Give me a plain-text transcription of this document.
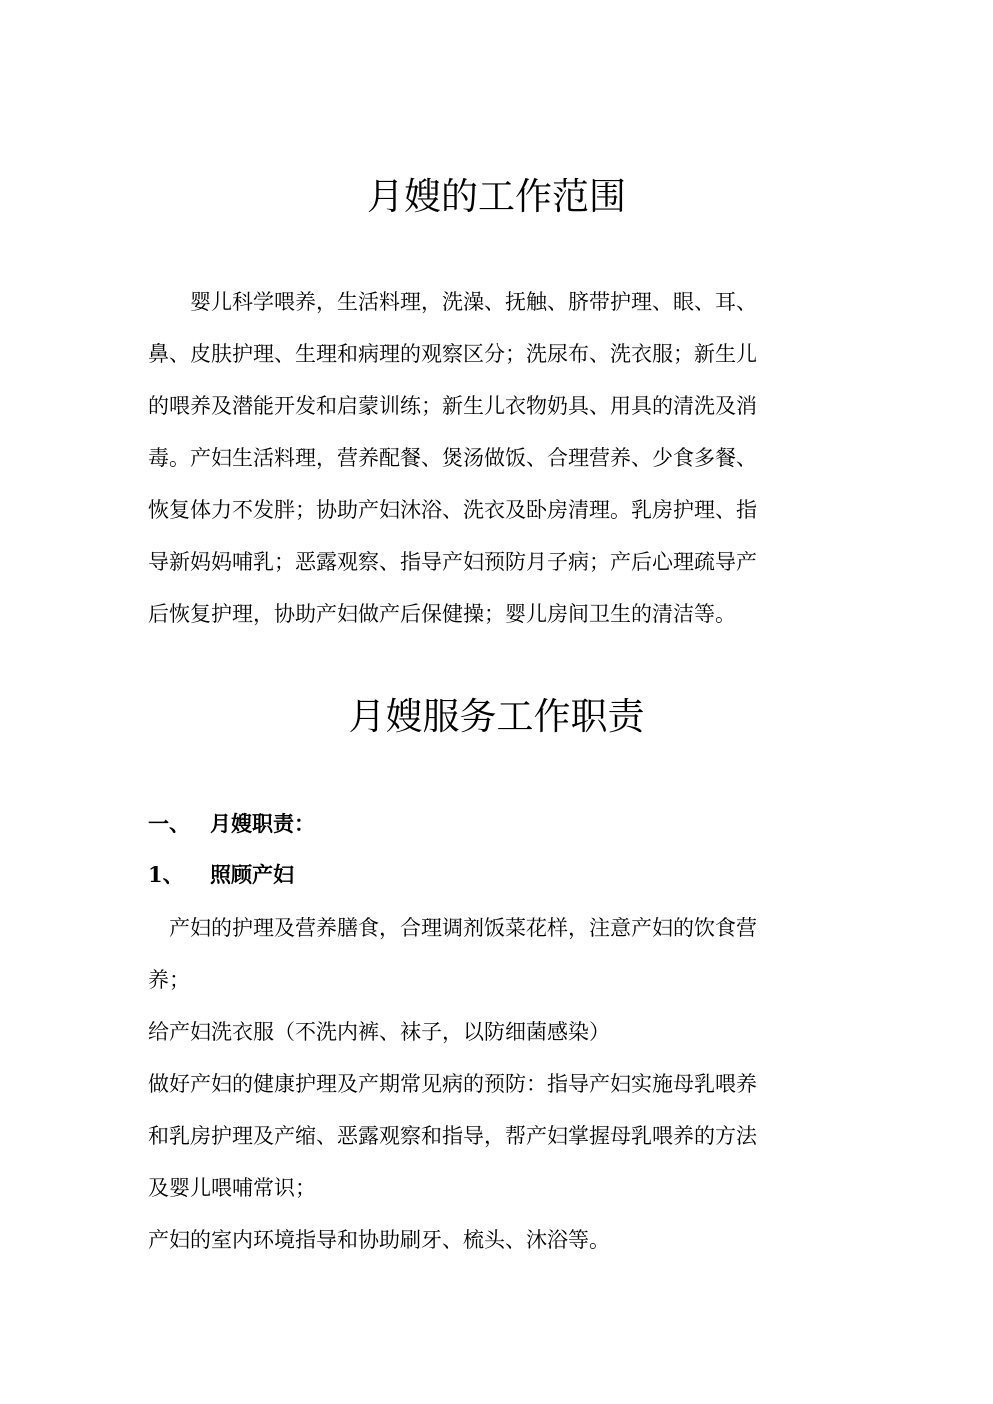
月嫂的工作范围
　　婴儿科学喂养，生活料理，洗澡、抚触、脐带护理、眼、耳、
鼻、皮肤护理、生理和病理的观察区分；洗尿布、洗衣服；新生儿
的喂养及潜能开发和启蒙训练；新生儿衣物奶具、用具的清洗及消
毒。产妇生活料理，营养配餐、煲汤做饭、合理营养、少食多餐、
恢复体力不发胖；协助产妇沐浴、洗衣及卧房清理。乳房护理、指
导新妈妈哺乳；恶露观察、指导产妇预防月子病；产后心理疏导产
后恢复护理，协助产妇做产后保健操；婴儿房间卫生的清洁等。
月嫂服务工作职责
一、 月嫂职责：
1、 照顾产妇
　产妇的护理及营养膳食，合理调剂饭菜花样，注意产妇的饮食营
养；
给产妇洗衣服（不洗内裤、袜子，以防细菌感染）
做好产妇的健康护理及产期常见病的预防：指导产妇实施母乳喂养
和乳房护理及产缩、恶露观察和指导，帮产妇掌握母乳喂养的方法
及婴儿喂哺常识；
产妇的室内环境指导和协助刷牙、梳头、沐浴等。
